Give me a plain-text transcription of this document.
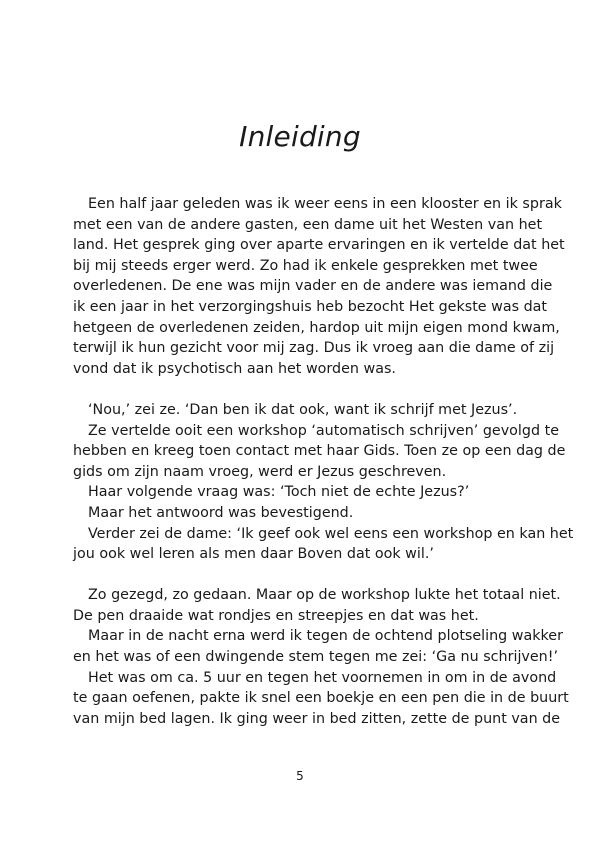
Inleiding
Een half jaar geleden was ik weer eens in een klooster en ik sprak
met een van de andere gasten, een dame uit het Westen van het
land. Het gesprek ging over aparte ervaringen en ik vertelde dat het
bij mij steeds erger werd. Zo had ik enkele gesprekken met twee
overledenen. De ene was mijn vader en de andere was iemand die
ik een jaar in het verzorgingshuis heb bezocht Het gekste was dat
hetgeen de overledenen zeiden, hardop uit mijn eigen mond kwam,
terwijl ik hun gezicht voor mij zag. Dus ik vroeg aan die dame of zij
vond dat ik psychotisch aan het worden was.
‘Nou,’ zei ze. ‘Dan ben ik dat ook, want ik schrijf met Jezus’.
Ze vertelde ooit een workshop ‘automatisch schrijven’ gevolgd te
hebben en kreeg toen contact met haar Gids. Toen ze op een dag de
gids om zijn naam vroeg, werd er Jezus geschreven.
Haar volgende vraag was: ‘Toch niet de echte Jezus?’
Maar het antwoord was bevestigend.
Verder zei de dame: ‘Ik geef ook wel eens een workshop en kan het
jou ook wel leren als men daar Boven dat ook wil.’
Zo gezegd, zo gedaan. Maar op de workshop lukte het totaal niet.
De pen draaide wat rondjes en streepjes en dat was het.
Maar in de nacht erna werd ik tegen de ochtend plotseling wakker
en het was of een dwingende stem tegen me zei: ‘Ga nu schrijven!’
Het was om ca. 5 uur en tegen het voornemen in om in de avond
te gaan oefenen, pakte ik snel een boekje en een pen die in de buurt
van mijn bed lagen. Ik ging weer in bed zitten, zette de punt van de
5
